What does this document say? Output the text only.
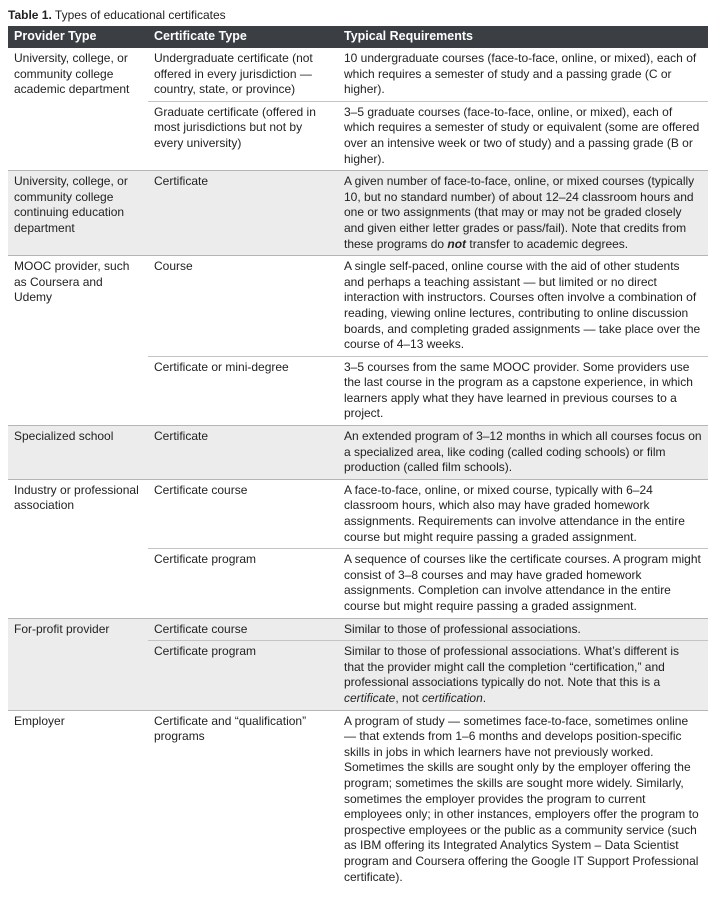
Table 1. Types of educational certificates
Provider Type	Certificate Type	Typical Requirements
University, college, or community college academic department	Undergraduate certificate (not offered in every jurisdiction — country, state, or province)	10 undergraduate courses (face-to-face, online, or mixed), each of which requires a semester of study and a passing grade (C or higher).
	Graduate certificate (offered in most jurisdictions but not by every university)	3–5 graduate courses (face-to-face, online, or mixed), each of which requires a semester of study or equivalent (some are offered over an intensive week or two of study) and a passing grade (B or higher).
University, college, or community college continuing education department	Certificate	A given number of face-to-face, online, or mixed courses (typically 10, but no standard number) of about 12–24 classroom hours and one or two assignments (that may or may not be graded closely and given either letter grades or pass/fail). Note that credits from these programs do not transfer to academic degrees.
MOOC provider, such as Coursera and Udemy	Course	A single self-paced, online course with the aid of other students and perhaps a teaching assistant — but limited or no direct interaction with instructors. Courses often involve a combination of reading, viewing online lectures, contributing to online discussion boards, and completing graded assignments — take place over the course of 4–13 weeks.
	Certificate or mini-degree	3–5 courses from the same MOOC provider. Some providers use the last course in the program as a capstone experience, in which learners apply what they have learned in previous courses to a project.
Specialized school	Certificate	An extended program of 3–12 months in which all courses focus on a specialized area, like coding (called coding schools) or film production (called film schools).
Industry or professional association	Certificate course	A face-to-face, online, or mixed course, typically with 6–24 classroom hours, which also may have graded homework assignments. Requirements can involve attendance in the entire course but might require passing a graded assignment.
	Certificate program	A sequence of courses like the certificate courses. A program might consist of 3–8 courses and may have graded homework assignments. Completion can involve attendance in the entire course but might require passing a graded assignment.
For-profit provider	Certificate course	Similar to those of professional associations.
	Certificate program	Similar to those of professional associations. What’s different is that the provider might call the completion “certification,” and professional associations typically do not. Note that this is a certificate, not certification.
Employer	Certificate and “qualification” programs	A program of study — sometimes face-to-face, sometimes online — that extends from 1–6 months and develops position-specific skills in jobs in which learners have not previously worked. Sometimes the skills are sought only by the employer offering the program; sometimes the skills are sought more widely. Similarly, sometimes the employer provides the program to current employees only; in other instances, employers offer the program to prospective employees or the public as a community service (such as IBM offering its Integrated Analytics System – Data Scientist program and Coursera offering the Google IT Support Professional certificate).
